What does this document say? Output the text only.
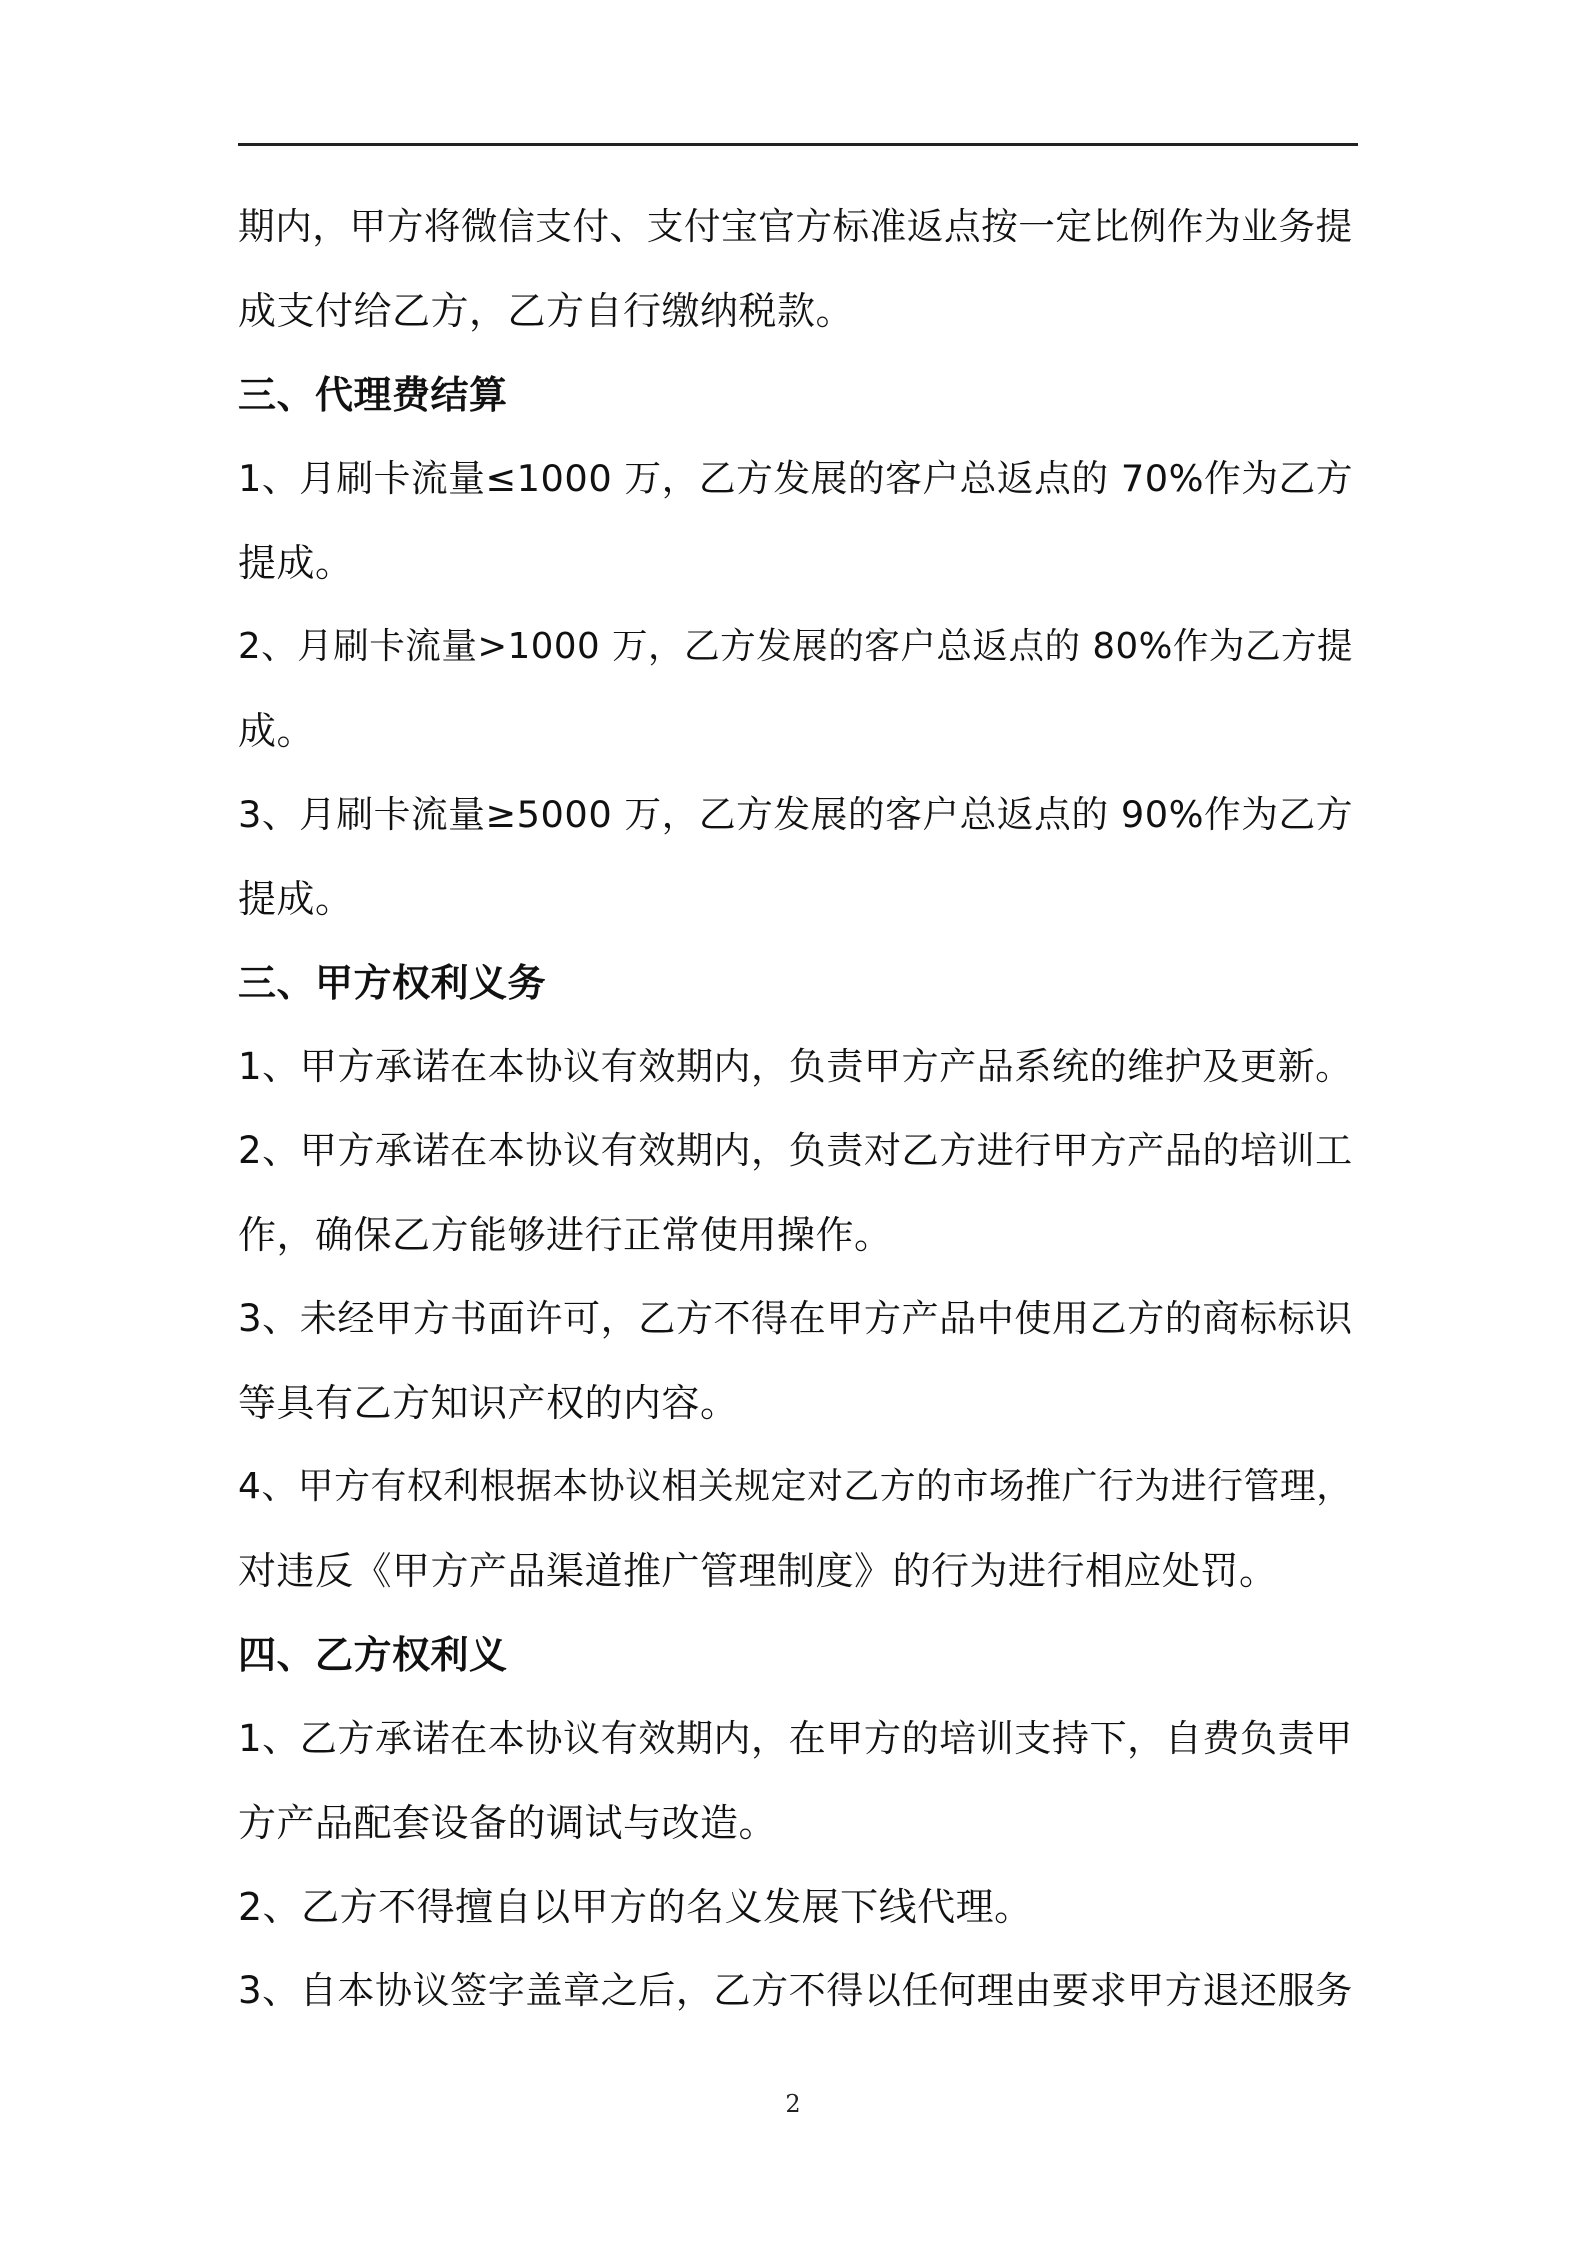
期内，甲方将微信支付、支付宝官方标准返点按一定比例作为业务提
成支付给乙方，乙方自行缴纳税款。
三、代理费结算
1、月刷卡流量≤1000 万，乙方发展的客户总返点的 70%作为乙方
提成。
2、月刷卡流量>1000 万，乙方发展的客户总返点的 80%作为乙方提
成。
3、月刷卡流量≥5000 万，乙方发展的客户总返点的 90%作为乙方
提成。
三、甲方权利义务
1、甲方承诺在本协议有效期内，负责甲方产品系统的维护及更新。
2、甲方承诺在本协议有效期内，负责对乙方进行甲方产品的培训工
作，确保乙方能够进行正常使用操作。
3、未经甲方书面许可，乙方不得在甲方产品中使用乙方的商标标识
等具有乙方知识产权的内容。
4、甲方有权利根据本协议相关规定对乙方的市场推广行为进行管理，
对违反《甲方产品渠道推广管理制度》的行为进行相应处罚。
四、乙方权利义
1、乙方承诺在本协议有效期内，在甲方的培训支持下，自费负责甲
方产品配套设备的调试与改造。
2、乙方不得擅自以甲方的名义发展下线代理。
3、自本协议签字盖章之后，乙方不得以任何理由要求甲方退还服务
2
